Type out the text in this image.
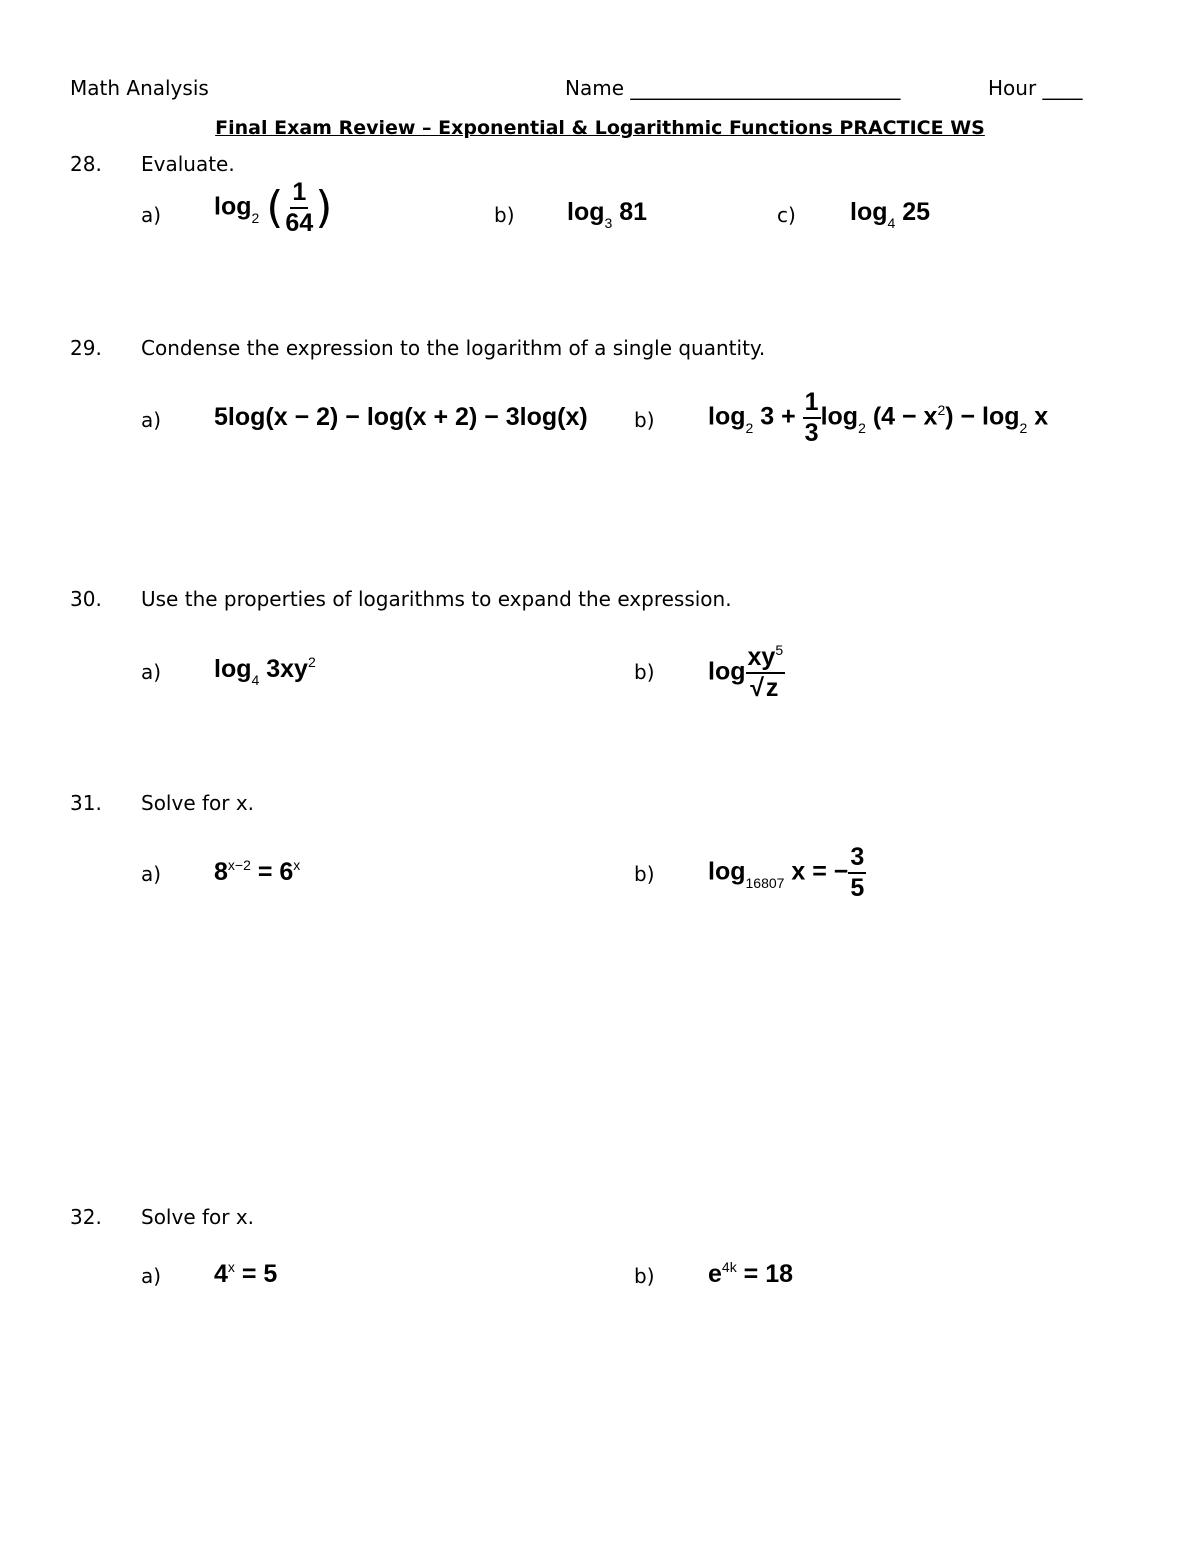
Math Analysis	Name ___________________________	Hour ____
Final Exam Review – Exponential & Logarithmic Functions PRACTICE WS
28. Evaluate.
a) $\log_2$ ( $\frac{1}{64}$ )	b) $\log_3 81$	c) $\log_4 25$
29. Condense the expression to the logarithm of a single quantity.
a) 5log(x − 2) − log(x + 2) − 3log(x) b) $\log_2 3 + \frac{1}{3} \log_2 (4 - x^2) - \log_2 x$
30. Use the properties of logarithms to expand the expression.
a) $\log_4 3xy^2$	b) $\log \frac{xy^5}{√z}$
31. Solve for x.
a) $8^{x-2} = 6^x$	b) $\log_{16807} x$ = − $\frac{3}{5}$
32. Solve for x.
a) $4^x = 5$	b) $e^{4k} = 18$
